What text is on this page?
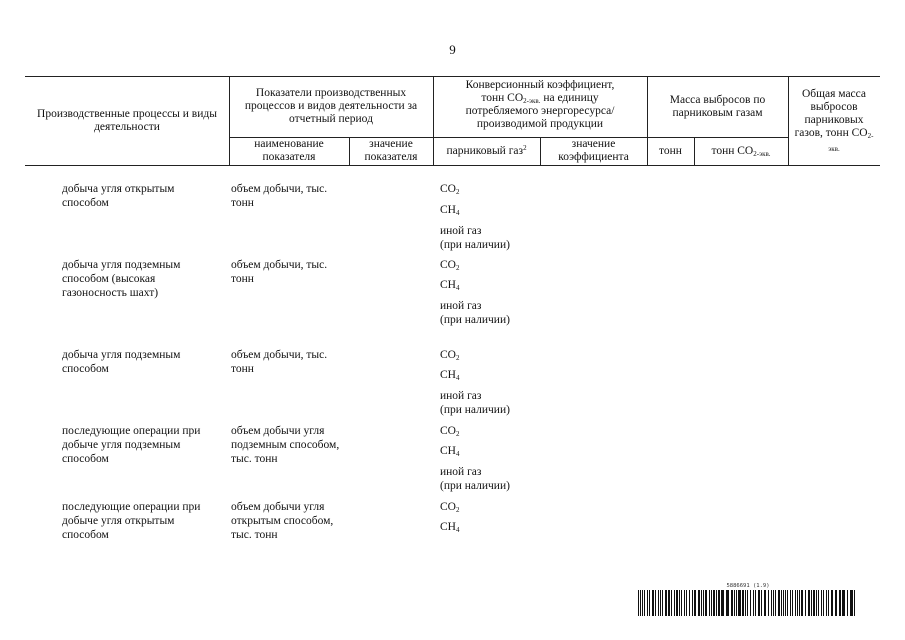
9
Производственные процессы и виды деятельности
Показатели производственных процессов и видов деятельности за отчетный период
наименование показателя
значение показателя
Конверсионный коэффициент,
тонн $CO_{2-экв.}$ на единицу потребляемого энергоресурса/ производимой продукции
парниковый газ$^2$	значение коэффициента
Масса выбросов по парниковым газам
тонн	тонн $CO_{2-экв.}$
Общая масса выбросов парниковых газов, тонн $CO_{2-экв.}$
добыча угля открытым способом
объем добычи, тыс. тонн
$CO_2$
$CH_4$
иной газ
(при наличии)
добыча угля подземным способом (высокая газоносность шахт)
объем добычи, тыс. тонн
$CO_2$
$CH_4$
иной газ
(при наличии)
добыча угля подземным способом
объем добычи, тыс. тонн
$CO_2$
$CH_4$
иной газ
(при наличии)
последующие операции при добыче угля подземным способом
объем добычи угля подземным способом, тыс. тонн
$CO_2$
$CH_4$
иной газ
(при наличии)
последующие операции при добыче угля открытым способом
объем добычи угля открытым способом, тыс. тонн
$CO_2$
$CH_4$
5886691 (1.9)
